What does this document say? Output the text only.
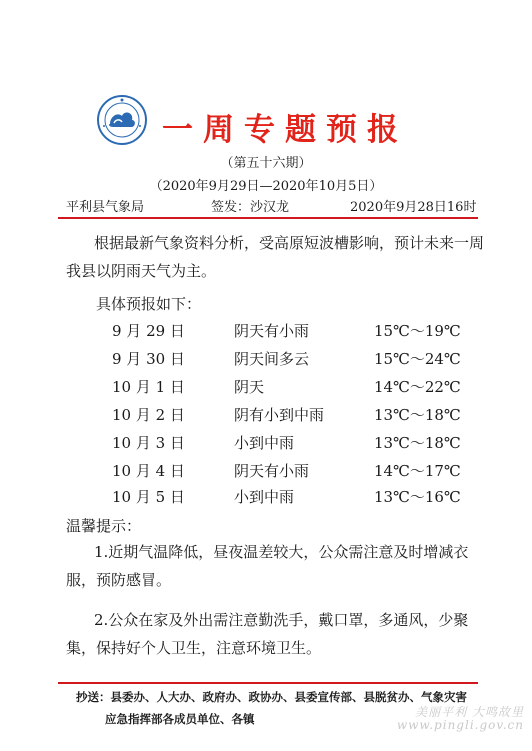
一周专题预报
（第五十六期）
（2020年9月29日—2020年10月5日）
平利县气象局	签发：沙汉龙	2020年9月28日16时
根据最新气象资料分析，受高原短波槽影响，预计未来一周我县以阴雨天气为主。
具体预报如下：
9 月 29 日	阴天有小雨	15℃～19℃
9 月 30 日	阴天间多云	15℃～24℃
10 月 1 日	阴天	14℃～22℃
10 月 2 日	阴有小到中雨	13℃～18℃
10 月 3 日	小到中雨	13℃～18℃
10 月 4 日	阴天有小雨	14℃～17℃
10 月 5 日	小到中雨	13℃～16℃
温馨提示：
1.近期气温降低，昼夜温差较大，公众需注意及时增减衣服，预防感冒。
2.公众在家及外出需注意勤洗手，戴口罩，多通风，少聚集，保持好个人卫生，注意环境卫生。
抄送：县委办、人大办、政府办、政协办、县委宣传部、县脱贫办、气象灾害
应急指挥部各成员单位、各镇	美丽平利 大鸣故里
www.pingli.gov.cn
